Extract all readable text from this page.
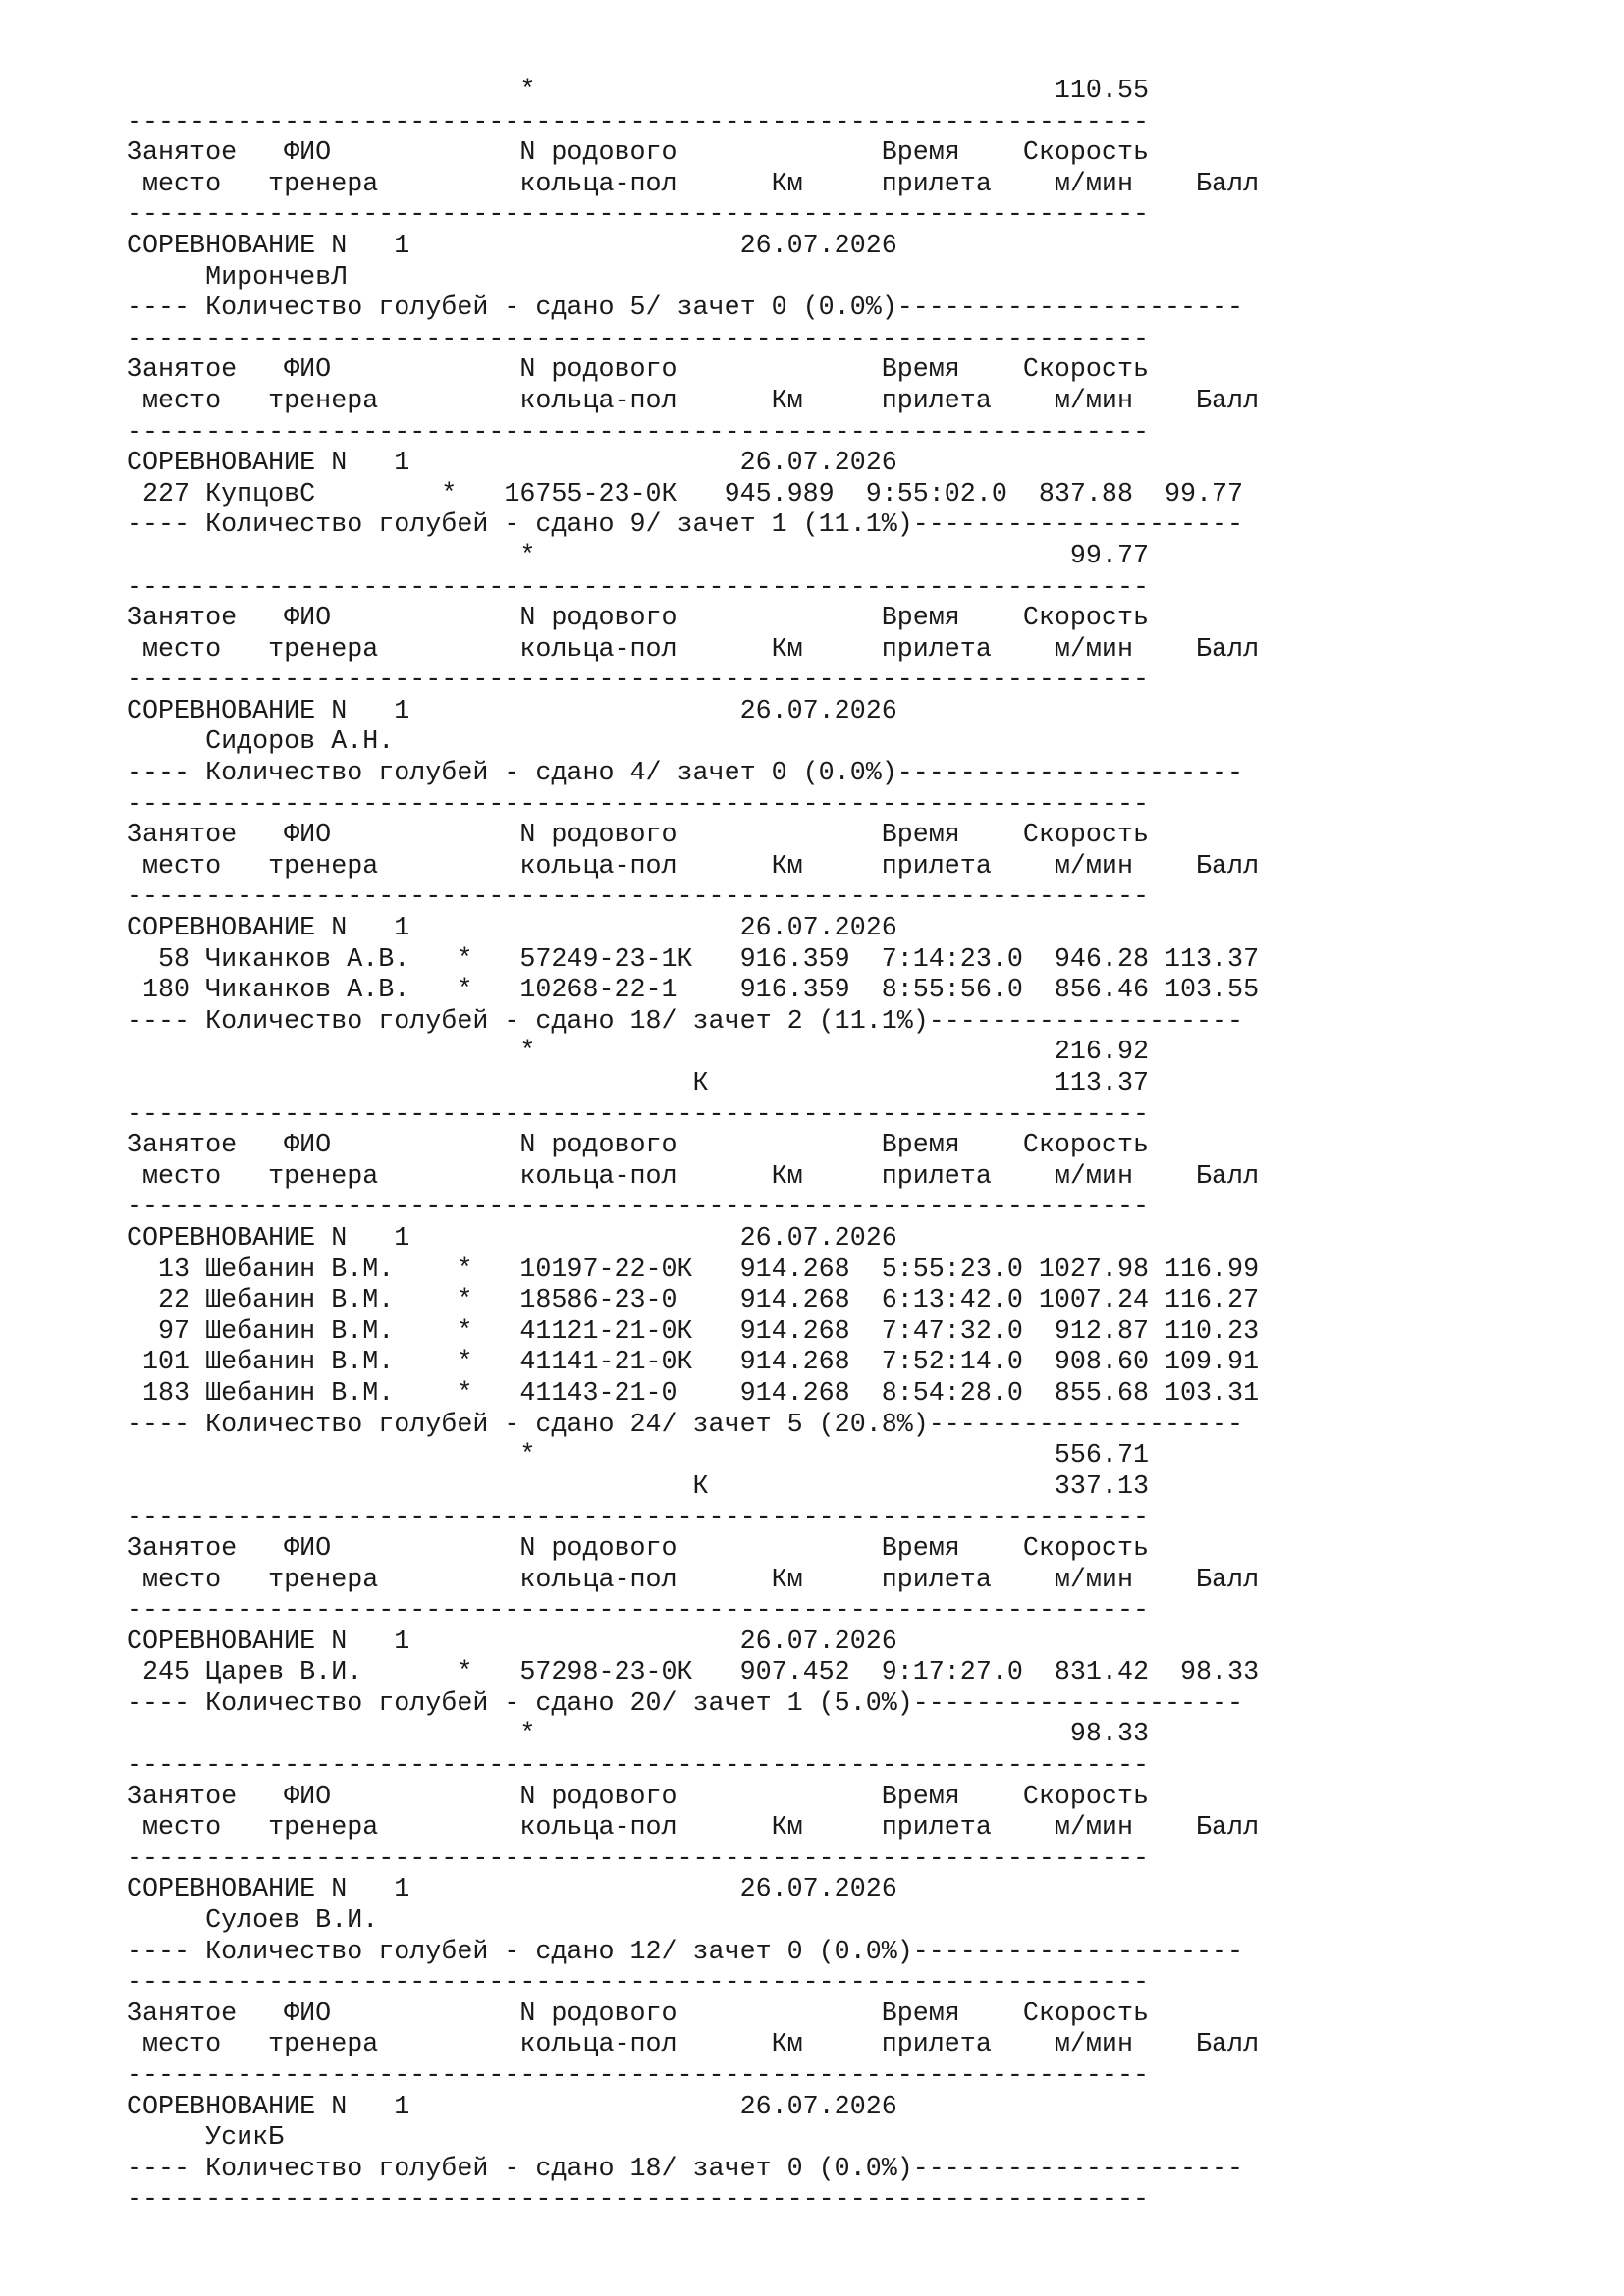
*                                 110.55
-----------------------------------------------------------------
Занятое   ФИО            N родового             Время    Скорость
место   тренера         кольца-пол      Км     прилета    м/мин    Балл
-----------------------------------------------------------------
СОРЕВНОВАНИЕ N   1                     26.07.2026
МирончевЛ
---- Количество голубей - сдано 5/ зачет 0 (0.0%)----------------------
-----------------------------------------------------------------
Занятое   ФИО            N родового             Время    Скорость
место   тренера         кольца-пол      Км     прилета    м/мин    Балл
-----------------------------------------------------------------
СОРЕВНОВАНИЕ N   1                     26.07.2026
227 КупцовС        *   16755-23-0К   945.989  9:55:02.0  837.88  99.77
---- Количество голубей - сдано 9/ зачет 1 (11.1%)---------------------
*                                  99.77
-----------------------------------------------------------------
Занятое   ФИО            N родового             Время    Скорость
место   тренера         кольца-пол      Км     прилета    м/мин    Балл
-----------------------------------------------------------------
СОРЕВНОВАНИЕ N   1                     26.07.2026
Сидоров А.Н.
---- Количество голубей - сдано 4/ зачет 0 (0.0%)----------------------
-----------------------------------------------------------------
Занятое   ФИО            N родового             Время    Скорость
место   тренера         кольца-пол      Км     прилета    м/мин    Балл
-----------------------------------------------------------------
СОРЕВНОВАНИЕ N   1                     26.07.2026
58 Чиканков А.В.   *   57249-23-1К   916.359  7:14:23.0  946.28 113.37
180 Чиканков А.В.   *   10268-22-1    916.359  8:55:56.0  856.46 103.55
---- Количество голубей - сдано 18/ зачет 2 (11.1%)--------------------
*                                 216.92
К                      113.37
-----------------------------------------------------------------
Занятое   ФИО            N родового             Время    Скорость
место   тренера         кольца-пол      Км     прилета    м/мин    Балл
-----------------------------------------------------------------
СОРЕВНОВАНИЕ N   1                     26.07.2026
13 Шебанин В.М.    *   10197-22-0К   914.268  5:55:23.0 1027.98 116.99
22 Шебанин В.М.    *   18586-23-0    914.268  6:13:42.0 1007.24 116.27
97 Шебанин В.М.    *   41121-21-0К   914.268  7:47:32.0  912.87 110.23
101 Шебанин В.М.    *   41141-21-0К   914.268  7:52:14.0  908.60 109.91
183 Шебанин В.М.    *   41143-21-0    914.268  8:54:28.0  855.68 103.31
---- Количество голубей - сдано 24/ зачет 5 (20.8%)--------------------
*                                 556.71
К                      337.13
-----------------------------------------------------------------
Занятое   ФИО            N родового             Время    Скорость
место   тренера         кольца-пол      Км     прилета    м/мин    Балл
-----------------------------------------------------------------
СОРЕВНОВАНИЕ N   1                     26.07.2026
245 Царев В.И.      *   57298-23-0К   907.452  9:17:27.0  831.42  98.33
---- Количество голубей - сдано 20/ зачет 1 (5.0%)---------------------
*                                  98.33
-----------------------------------------------------------------
Занятое   ФИО            N родового             Время    Скорость
место   тренера         кольца-пол      Км     прилета    м/мин    Балл
-----------------------------------------------------------------
СОРЕВНОВАНИЕ N   1                     26.07.2026
Сулоев В.И.
---- Количество голубей - сдано 12/ зачет 0 (0.0%)---------------------
-----------------------------------------------------------------
Занятое   ФИО            N родового             Время    Скорость
место   тренера         кольца-пол      Км     прилета    м/мин    Балл
-----------------------------------------------------------------
СОРЕВНОВАНИЕ N   1                     26.07.2026
УсикБ
---- Количество голубей - сдано 18/ зачет 0 (0.0%)---------------------
-----------------------------------------------------------------
